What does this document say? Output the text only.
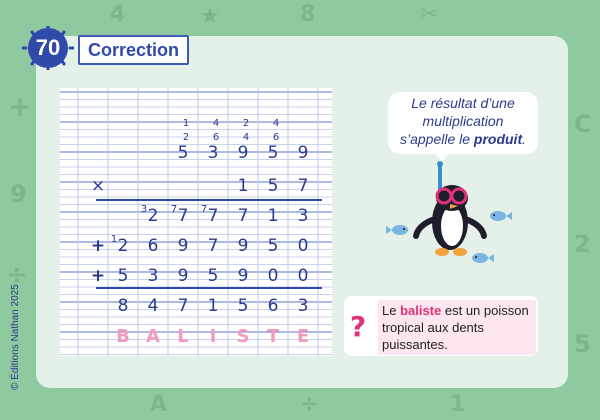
+
9
÷
4	★	8	✂
C
2
5
A	÷	1
70	Correction
© Éditions Nathan 2025
1 4 2 4
2 6 4 6
5 3 9 5 9
×	1 5 7
2 7 7 7 1 3
3 7 7
+ 1 2 6 9 7 9 5 0
+ 5 3 9 5 9 0 0
8 4 7 1 5 6 3
B A L I S T E
Le résultat d’une
multiplication
s’appelle le produit.
?	Le baliste est un poisson tropical aux dents puissantes.
